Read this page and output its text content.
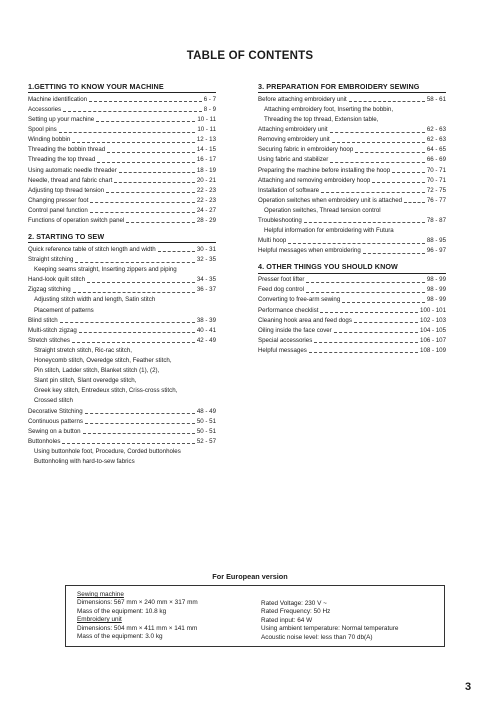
TABLE OF CONTENTS
1.GETTING TO KNOW YOUR MACHINE
Machine identification	6 - 7
Accessories	8 - 9
Setting up your machine	10 - 11
Spool pins	10 - 11
Winding bobbin	12 - 13
Threading the bobbin thread	14 - 15
Threading the top thread	16 - 17
Using automatic needle threader	18 - 19
Needle, thread and fabric chart	20 - 21
Adjusting top thread tension	22 - 23
Changing presser foot	22 - 23
Control panel function	24 - 27
Functions of operation switch panel	28 - 29
2. STARTING TO SEW
Quick reference table of stitch length and width	30 - 31
Straight stitching	32 - 35
Keeping seams straight, Inserting zippers and piping
Hand-look quilt stitch	34 - 35
Zigzag stitching	36 - 37
Adjusting stitch width and length, Satin stitch
Placement of patterns
Blind stitch	38 - 39
Multi-stitch zigzag	40 - 41
Stretch stitches	42 - 49
Straight stretch stitch, Ric-rac stitch,
Honeycomb stitch, Overedge stitch, Feather stitch,
Pin stitch, Ladder stitch, Blanket stitch (1), (2),
Slant pin stitch, Slant overedge stitch,
Greek key stitch, Entredeux stitch, Criss-cross stitch,
Crossed stitch
Decorative Stitching	48 - 49
Continuous patterns	50 - 51
Sewing on a button	50 - 51
Buttonholes	52 - 57
Using buttonhole foot, Procedure, Corded buttonholes
Buttonholing with hard-to-sew fabrics
3. PREPARATION FOR EMBROIDERY SEWING
Before attaching embroidery unit	58 - 61
Attaching embroidery foot, Inserting the bobbin,
Threading the top thread, Extension table,
Attaching embroidery unit	62 - 63
Removing embroidery unit	62 - 63
Securing fabric in embroidery hoop	64 - 65
Using fabric and stabilizer	66 - 69
Preparing the machine before installing the hoop	70 - 71
Attaching and removing embroidery hoop	70 - 71
Installation of software	72 - 75
Operation switches when embroidery unit is attached	76 - 77
Operation switches, Thread tension control
Troubleshooting	78 - 87
Helpful information for embroidering with Futura
Multi hoop	88 - 95
Helpful messages when embroidering	96 - 97
4. OTHER THINGS YOU SHOULD KNOW
Presser foot lifter	98 - 99
Feed dog control	98 - 99
Converting to free-arm sewing	98 - 99
Performance checklist	100 - 101
Cleaning hook area and feed dogs	102 - 103
Oiling inside the face cover	104 - 105
Special accessories	106 - 107
Helpful messages	108 - 109
For European version
Sewing machine
Dimensions: 567 mm × 240 mm × 317 mm
Mass of the equipment: 10.8 kg
Embroidery unit
Dimensions: 504 mm × 411 mm × 141 mm
Mass of the equipment: 3.0 kg
Rated Voltage: 230 V ~
Rated Frequency: 50 Hz
Rated input: 64 W
Using ambient temperature: Normal temperature
Acoustic noise level: less than 70 db(A)
3
